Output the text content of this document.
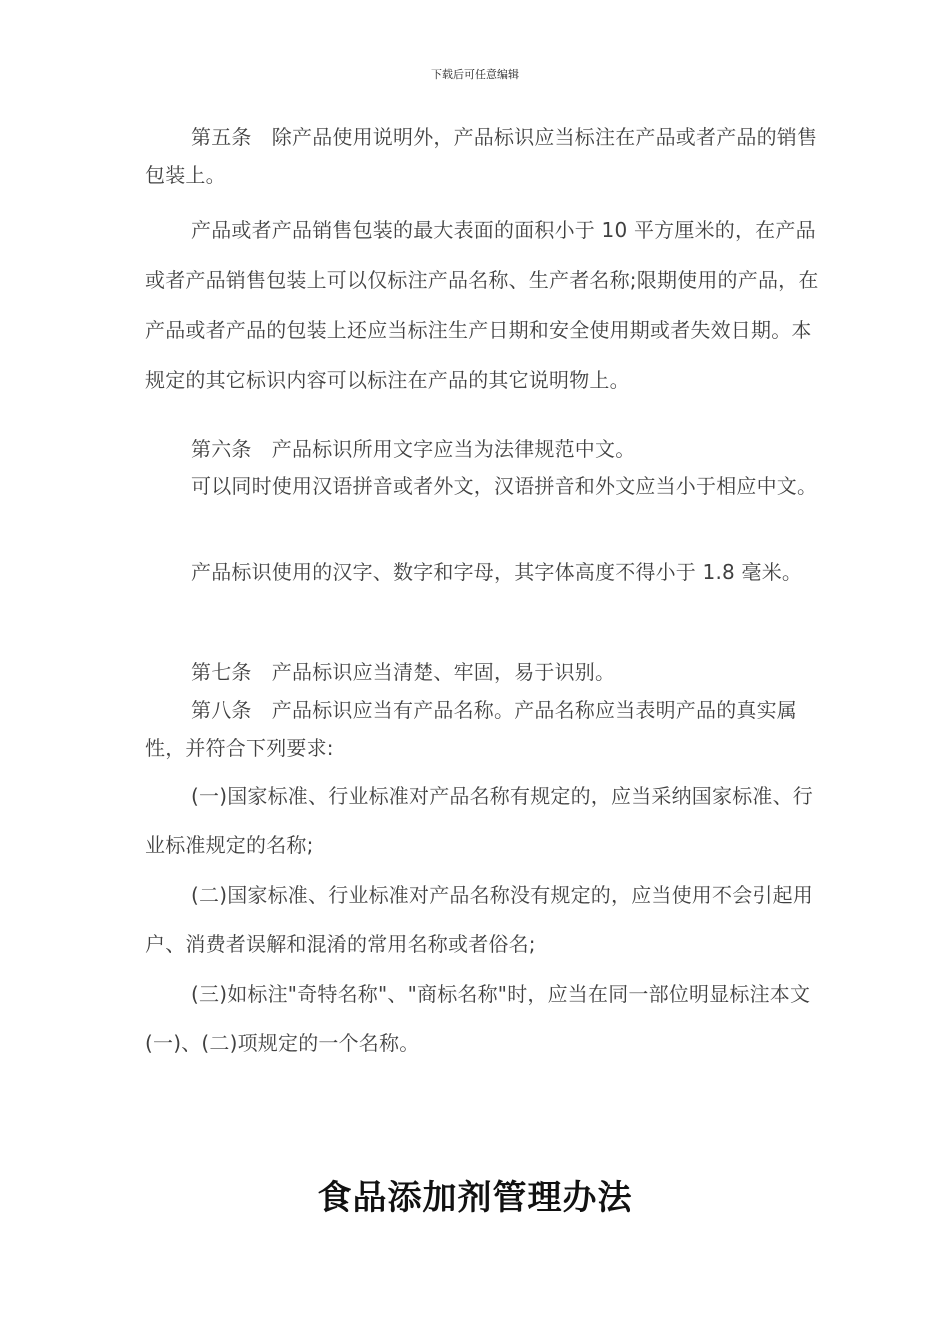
下载后可任意编辑

第五条　除产品使用说明外，产品标识应当标注在产品或者产品的销售包装上。

产品或者产品销售包装的最大表面的面积小于 10 平方厘米的，在产品或者产品销售包装上可以仅标注产品名称、生产者名称;限期使用的产品，在产品或者产品的包装上还应当标注生产日期和安全使用期或者失效日期。本规定的其它标识内容可以标注在产品的其它说明物上。

第六条　产品标识所用文字应当为法律规范中文。

可以同时使用汉语拼音或者外文，汉语拼音和外文应当小于相应中文。

产品标识使用的汉字、数字和字母，其字体高度不得小于 1.8 毫米。

第七条　产品标识应当清楚、牢固，易于识别。

第八条　产品标识应当有产品名称。产品名称应当表明产品的真实属性，并符合下列要求:

(一)国家标准、行业标准对产品名称有规定的，应当采纳国家标准、行业标准规定的名称;

(二)国家标准、行业标准对产品名称没有规定的，应当使用不会引起用户、消费者误解和混淆的常用名称或者俗名;

(三)如标注"奇特名称"、"商标名称"时，应当在同一部位明显标注本文(一)、(二)项规定的一个名称。

食品添加剂管理办法
